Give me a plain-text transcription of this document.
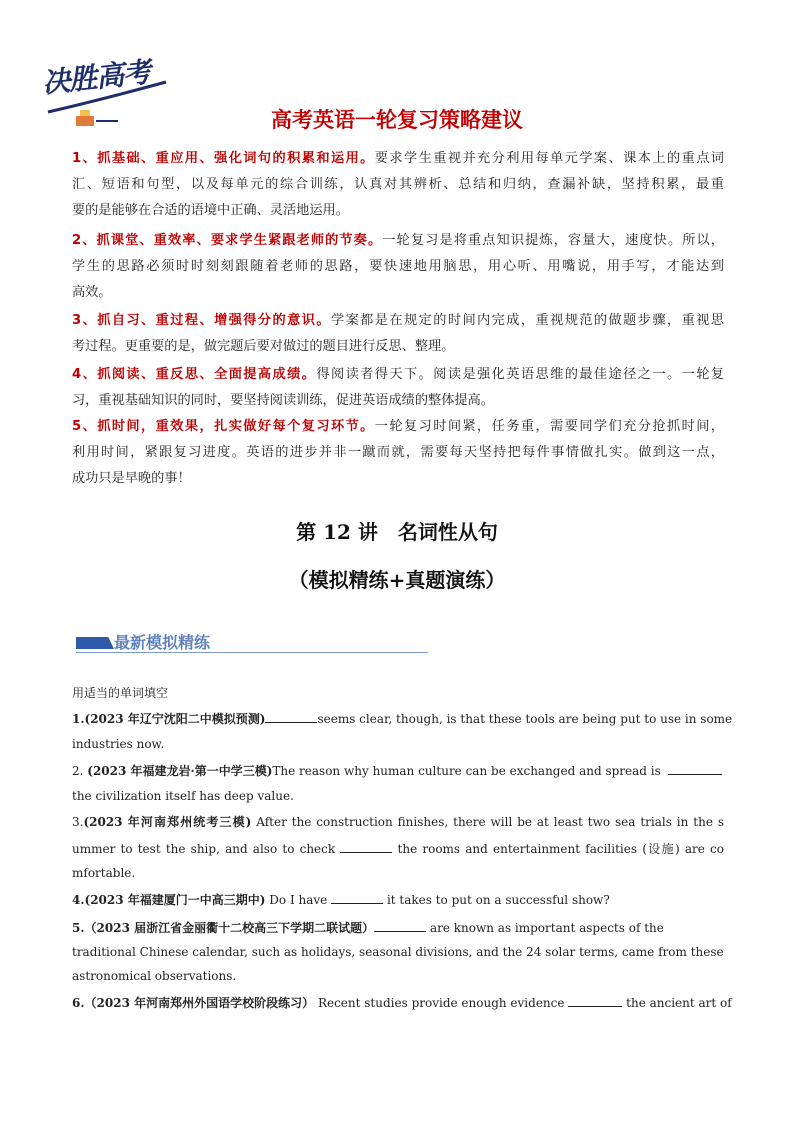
决胜高考
高考英语一轮复习策略建议
1、抓基础、重应用、强化词句的积累和运用。要求学生重视并充分利用每单元学案、课本上的重点词
汇、短语和句型，以及每单元的综合训练，认真对其辨析、总结和归纳，查漏补缺，坚持积累，最重
要的是能够在合适的语境中正确、灵活地运用。
2、抓课堂、重效率、要求学生紧跟老师的节奏。一轮复习是将重点知识提炼，容量大，速度快。所以，
学生的思路必须时时刻刻跟随着老师的思路，要快速地用脑思，用心听、用嘴说，用手写，才能达到
高效。
3、抓自习、重过程、增强得分的意识。学案都是在规定的时间内完成，重视规范的做题步骤，重视思
考过程。更重要的是，做完题后要对做过的题目进行反思、整理。
4、抓阅读、重反思、全面提高成绩。得阅读者得天下。阅读是强化英语思维的最佳途径之一。一轮复
习，重视基础知识的同时，要坚持阅读训练，促进英语成绩的整体提高。
5、抓时间，重效果，扎实做好每个复习环节。一轮复习时间紧，任务重，需要同学们充分抢抓时间，
利用时间，紧跟复习进度。英语的进步并非一蹴而就，需要每天坚持把每件事情做扎实。做到这一点，
成功只是早晚的事！
第 12 讲　名词性从句
（模拟精练+真题演练）
最新模拟精练
用适当的单词填空
1.(2023 年辽宁沈阳二中模拟预测)	seems clear, though, is that these tools are being put to use in some
industries now.
2. (2023 年福建龙岩·第一中学三模)The reason why human culture can be exchanged and spread is
the civilization itself has deep value.
3.(2023 年河南郑州统考三模) After the construction finishes, there will be at least two sea trials in the s
ummer to test the ship, and also to check	the rooms and entertainment facilities (设施) are co
mfortable.
4.(2023 年福建厦门一中高三期中) Do I have	it takes to put on a successful show?
5.（2023 届浙江省金丽衢十二校高三下学期二联试题）	are known as important aspects of the
traditional Chinese calendar, such as holidays, seasonal divisions, and the 24 solar terms, came from these
astronomical observations.
6.（2023 年河南郑州外国语学校阶段练习） Recent studies provide enough evidence	the ancient art of
